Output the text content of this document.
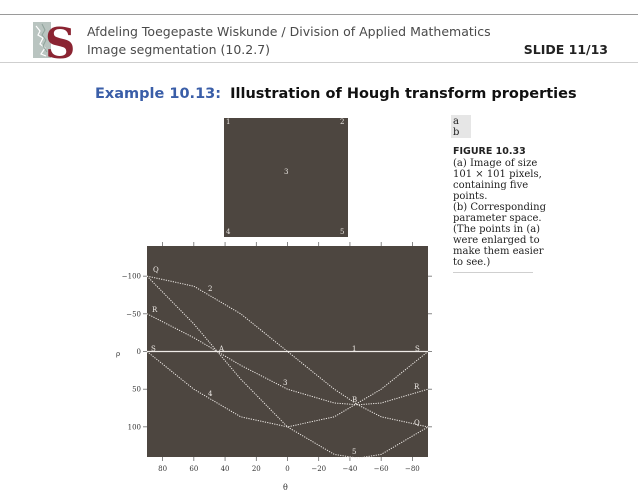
S Afdeling Toegepaste Wiskunde / Division of Applied Mathematics
Image segmentation (10.2.7)	SLIDE 11/13
Example 10.13: Illustration of Hough transform properties
1	2
3
4	5
a
b
FIGURE 10.33
(a) Image of size
101 × 101 pixels,
containing five
points.
(b) Corresponding
parameter space.
(The points in (a)
were enlarged to
make them easier
to see.)
80	60	40	20	0	−20 −40 −60 −80
−100
−50
0
50
100
Q
R
S	A
2
3
4
1
B
5
S
R
Q
θ
ρ
